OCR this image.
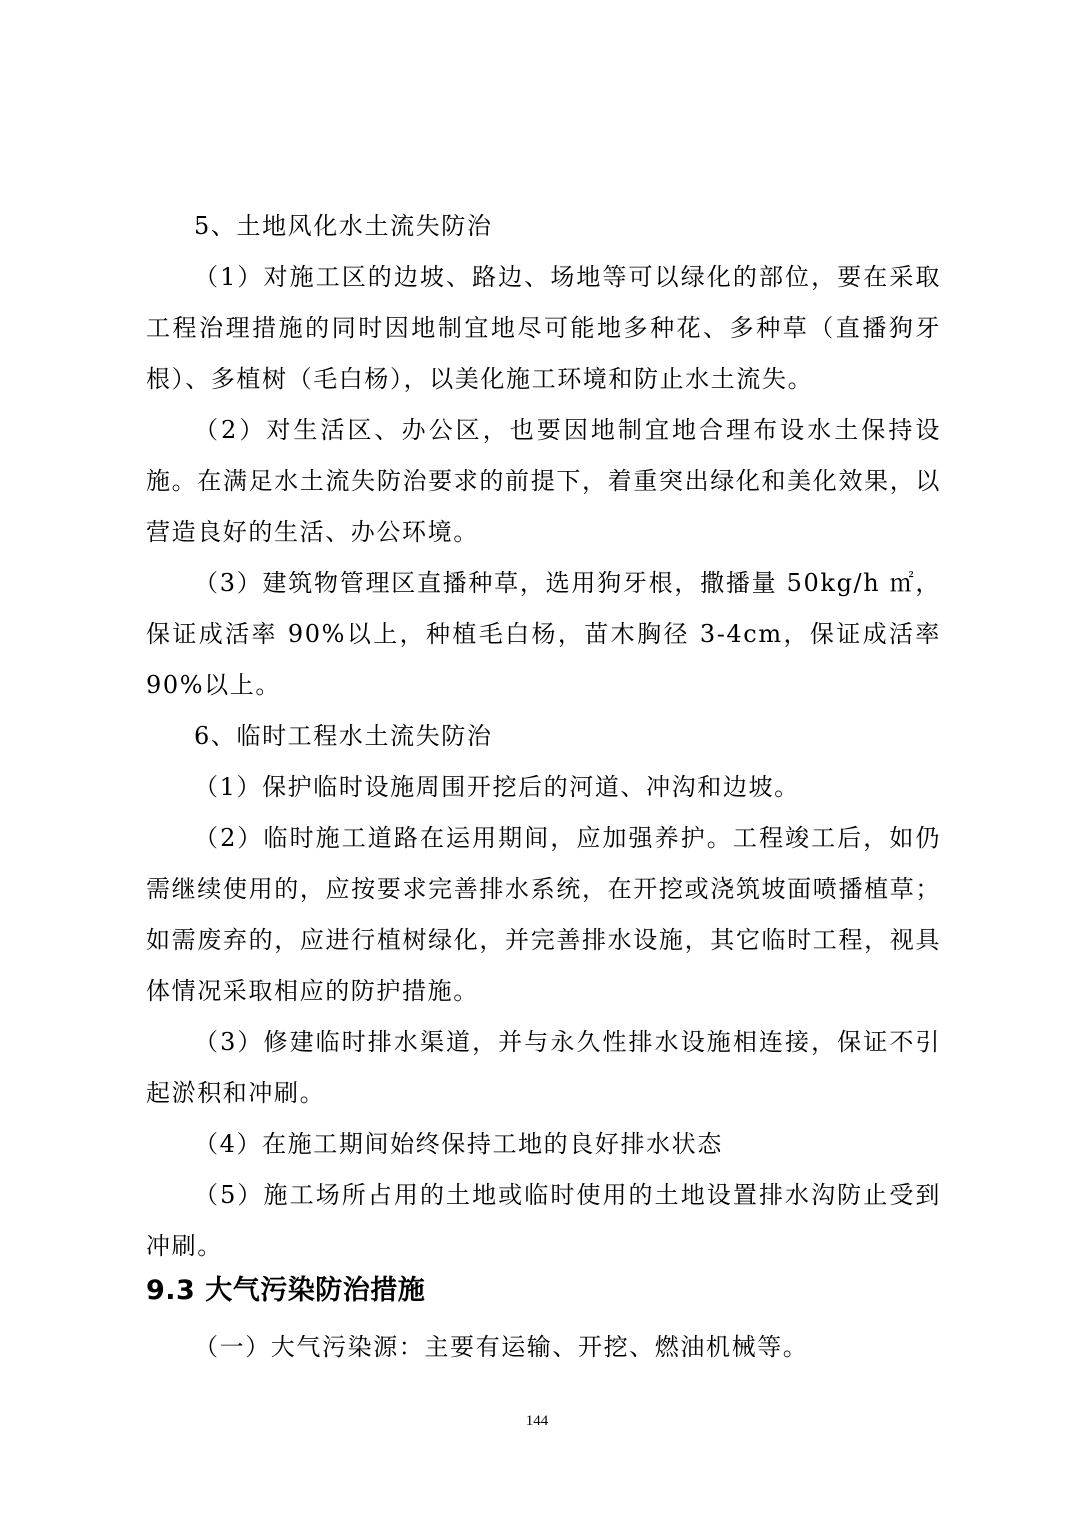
5、土地风化水土流失防治

（1）对施工区的边坡、路边、场地等可以绿化的部位，要在采取工程治理措施的同时因地制宜地尽可能地多种花、多种草（直播狗牙根）、多植树（毛白杨），以美化施工环境和防止水土流失。

（2）对生活区、办公区，也要因地制宜地合理布设水土保持设施。在满足水土流失防治要求的前提下，着重突出绿化和美化效果，以营造良好的生活、办公环境。

（3）建筑物管理区直播种草，选用狗牙根，撒播量 50kg/h ㎡，保证成活率 90%以上，种植毛白杨，苗木胸径 3-4cm，保证成活率 90%以上。

6、临时工程水土流失防治

（1）保护临时设施周围开挖后的河道、冲沟和边坡。

（2）临时施工道路在运用期间，应加强养护。工程竣工后，如仍需继续使用的，应按要求完善排水系统，在开挖或浇筑坡面喷播植草；如需废弃的，应进行植树绿化，并完善排水设施，其它临时工程，视具体情况采取相应的防护措施。

（3）修建临时排水渠道，并与永久性排水设施相连接，保证不引起淤积和冲刷。

（4）在施工期间始终保持工地的良好排水状态

（5）施工场所占用的土地或临时使用的土地设置排水沟防止受到冲刷。

9.3 大气污染防治措施

（一）大气污染源：主要有运输、开挖、燃油机械等。

144
